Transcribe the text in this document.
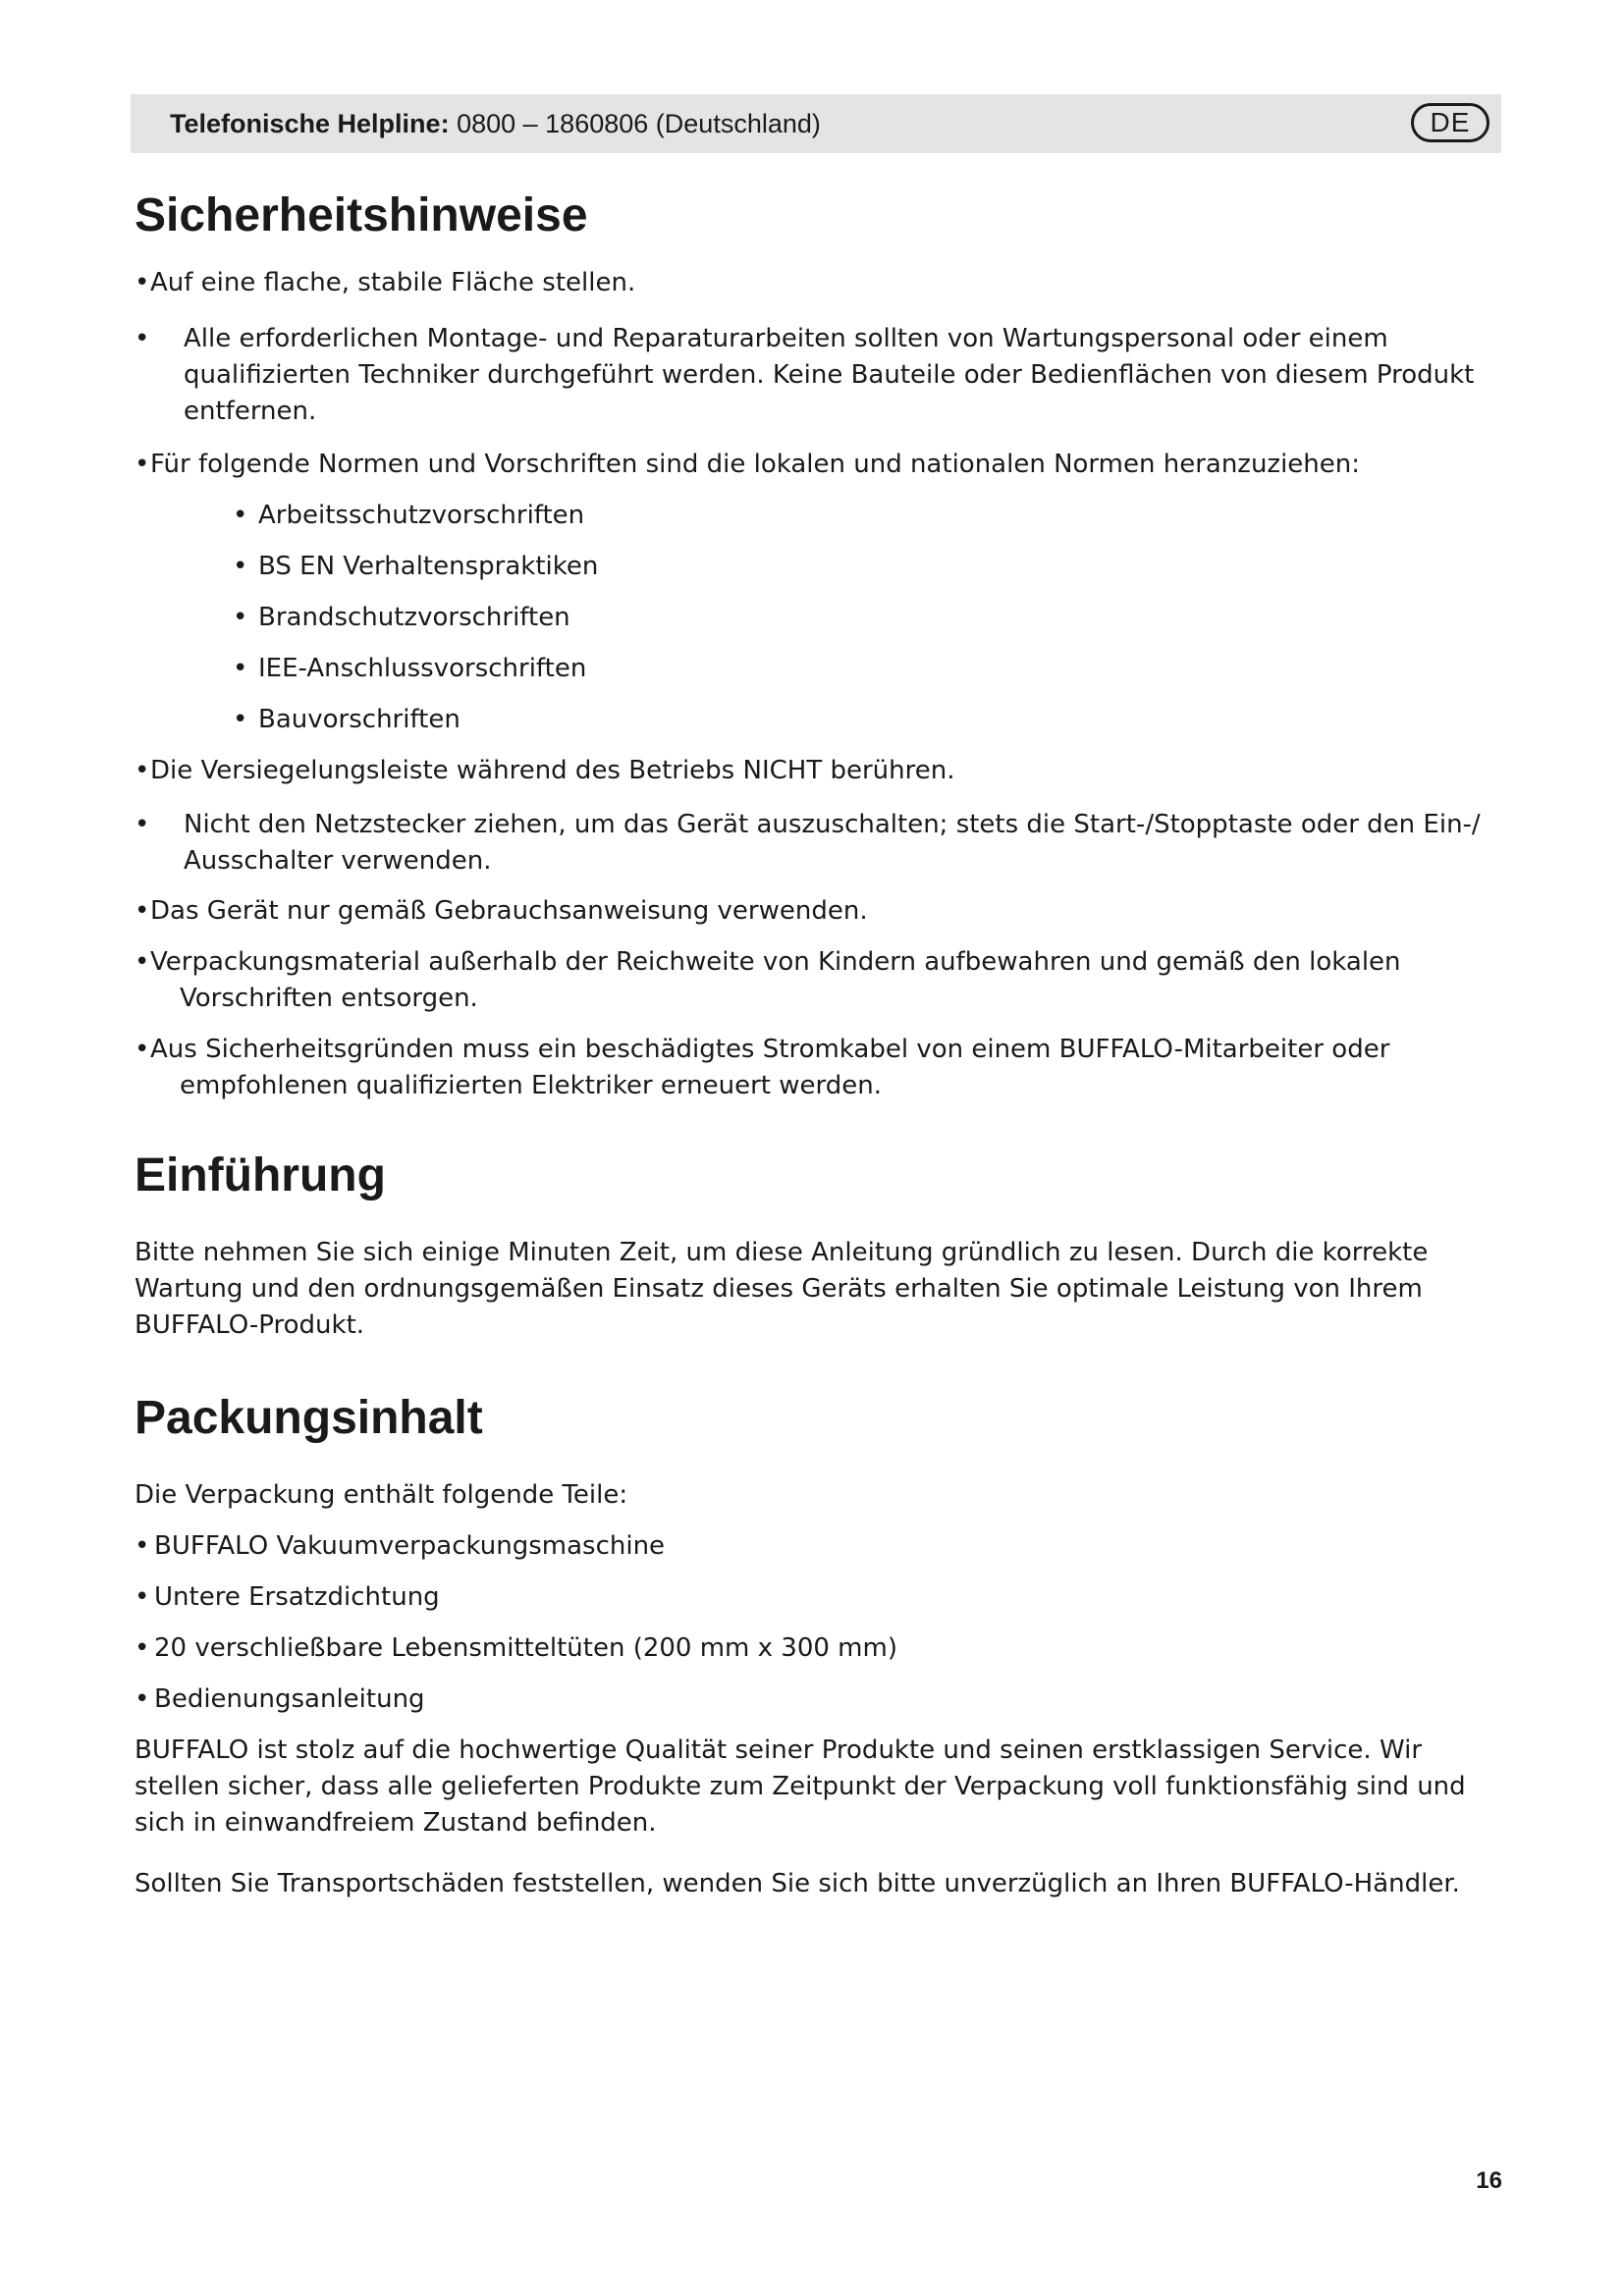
Telefonische Helpline: 0800 – 1860806 (Deutschland)	DE
Sicherheitshinweise
• Auf eine flache, stabile Fläche stellen.
• Alle erforderlichen Montage- und Reparaturarbeiten sollten von Wartungspersonal oder einem qualifizierten Techniker durchgeführt werden. Keine Bauteile oder Bedienflächen von diesem Produkt entfernen.
• Für folgende Normen und Vorschriften sind die lokalen und nationalen Normen heranzuziehen:
• Arbeitsschutzvorschriften
• BS EN Verhaltenspraktiken
• Brandschutzvorschriften
• IEE-Anschlussvorschriften
• Bauvorschriften
• Die Versiegelungsleiste während des Betriebs NICHT berühren.
• Nicht den Netzstecker ziehen, um das Gerät auszuschalten; stets die Start-/Stopptaste oder den Ein-/ Ausschalter verwenden.
• Das Gerät nur gemäß Gebrauchsanweisung verwenden.
• Verpackungsmaterial außerhalb der Reichweite von Kindern aufbewahren und gemäß den lokalen Vorschriften entsorgen.
• Aus Sicherheitsgründen muss ein beschädigtes Stromkabel von einem BUFFALO-Mitarbeiter oder empfohlenen qualifizierten Elektriker erneuert werden.
Einführung

Bitte nehmen Sie sich einige Minuten Zeit, um diese Anleitung gründlich zu lesen. Durch die korrekte Wartung und den ordnungsgemäßen Einsatz dieses Geräts erhalten Sie optimale Leistung von Ihrem BUFFALO-Produkt.

Packungsinhalt

Die Verpackung enthält folgende Teile:

• BUFFALO Vakuumverpackungsmaschine
• Untere Ersatzdichtung
• 20 verschließbare Lebensmitteltüten (200 mm x 300 mm)
• Bedienungsanleitung

BUFFALO ist stolz auf die hochwertige Qualität seiner Produkte und seinen erstklassigen Service. Wir stellen sicher, dass alle gelieferten Produkte zum Zeitpunkt der Verpackung voll funktionsfähig sind und sich in einwandfreiem Zustand befinden.

Sollten Sie Transportschäden feststellen, wenden Sie sich bitte unverzüglich an Ihren BUFFALO-Händler.

16
